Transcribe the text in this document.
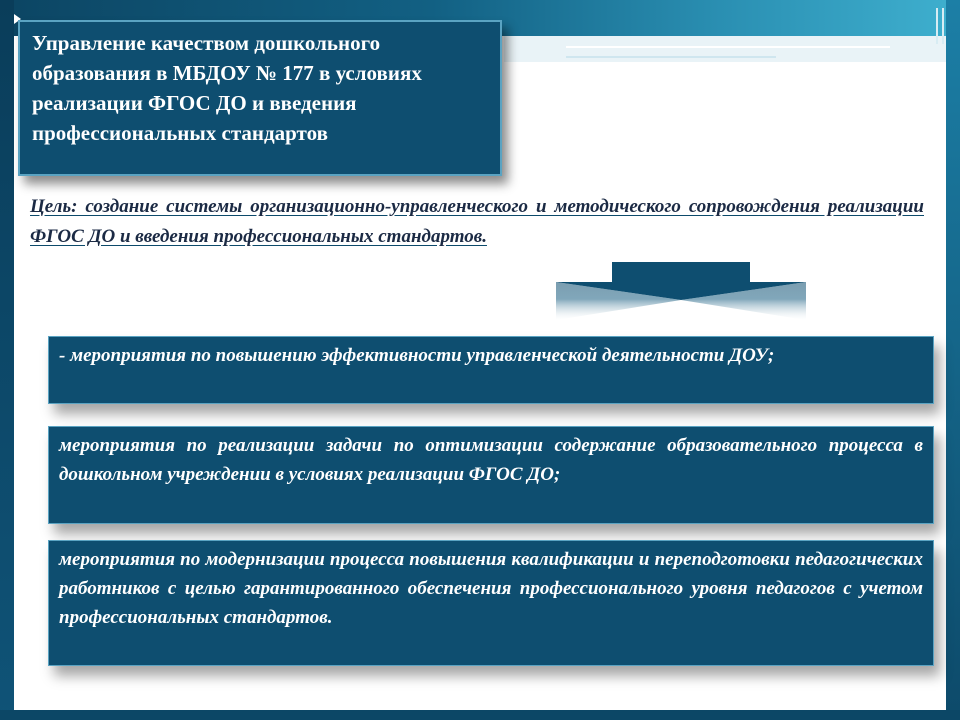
Управление качеством дошкольного образования в МБДОУ № 177 в условиях реализации ФГОС ДО и введения профессиональных стандартов

Цель: создание системы организационно-управленческого и методического сопровождения реализации ФГОС ДО и введения профессиональных стандартов.

- мероприятия по повышению эффективности управленческой деятельности ДОУ;

мероприятия по реализации задачи по оптимизации содержание образовательного процесса в дошкольном учреждении в условиях реализации ФГОС ДО;

мероприятия по модернизации процесса повышения квалификации и переподготовки педагогических работников с целью гарантированного обеспечения профессионального уровня педагогов с учетом профессиональных стандартов.
